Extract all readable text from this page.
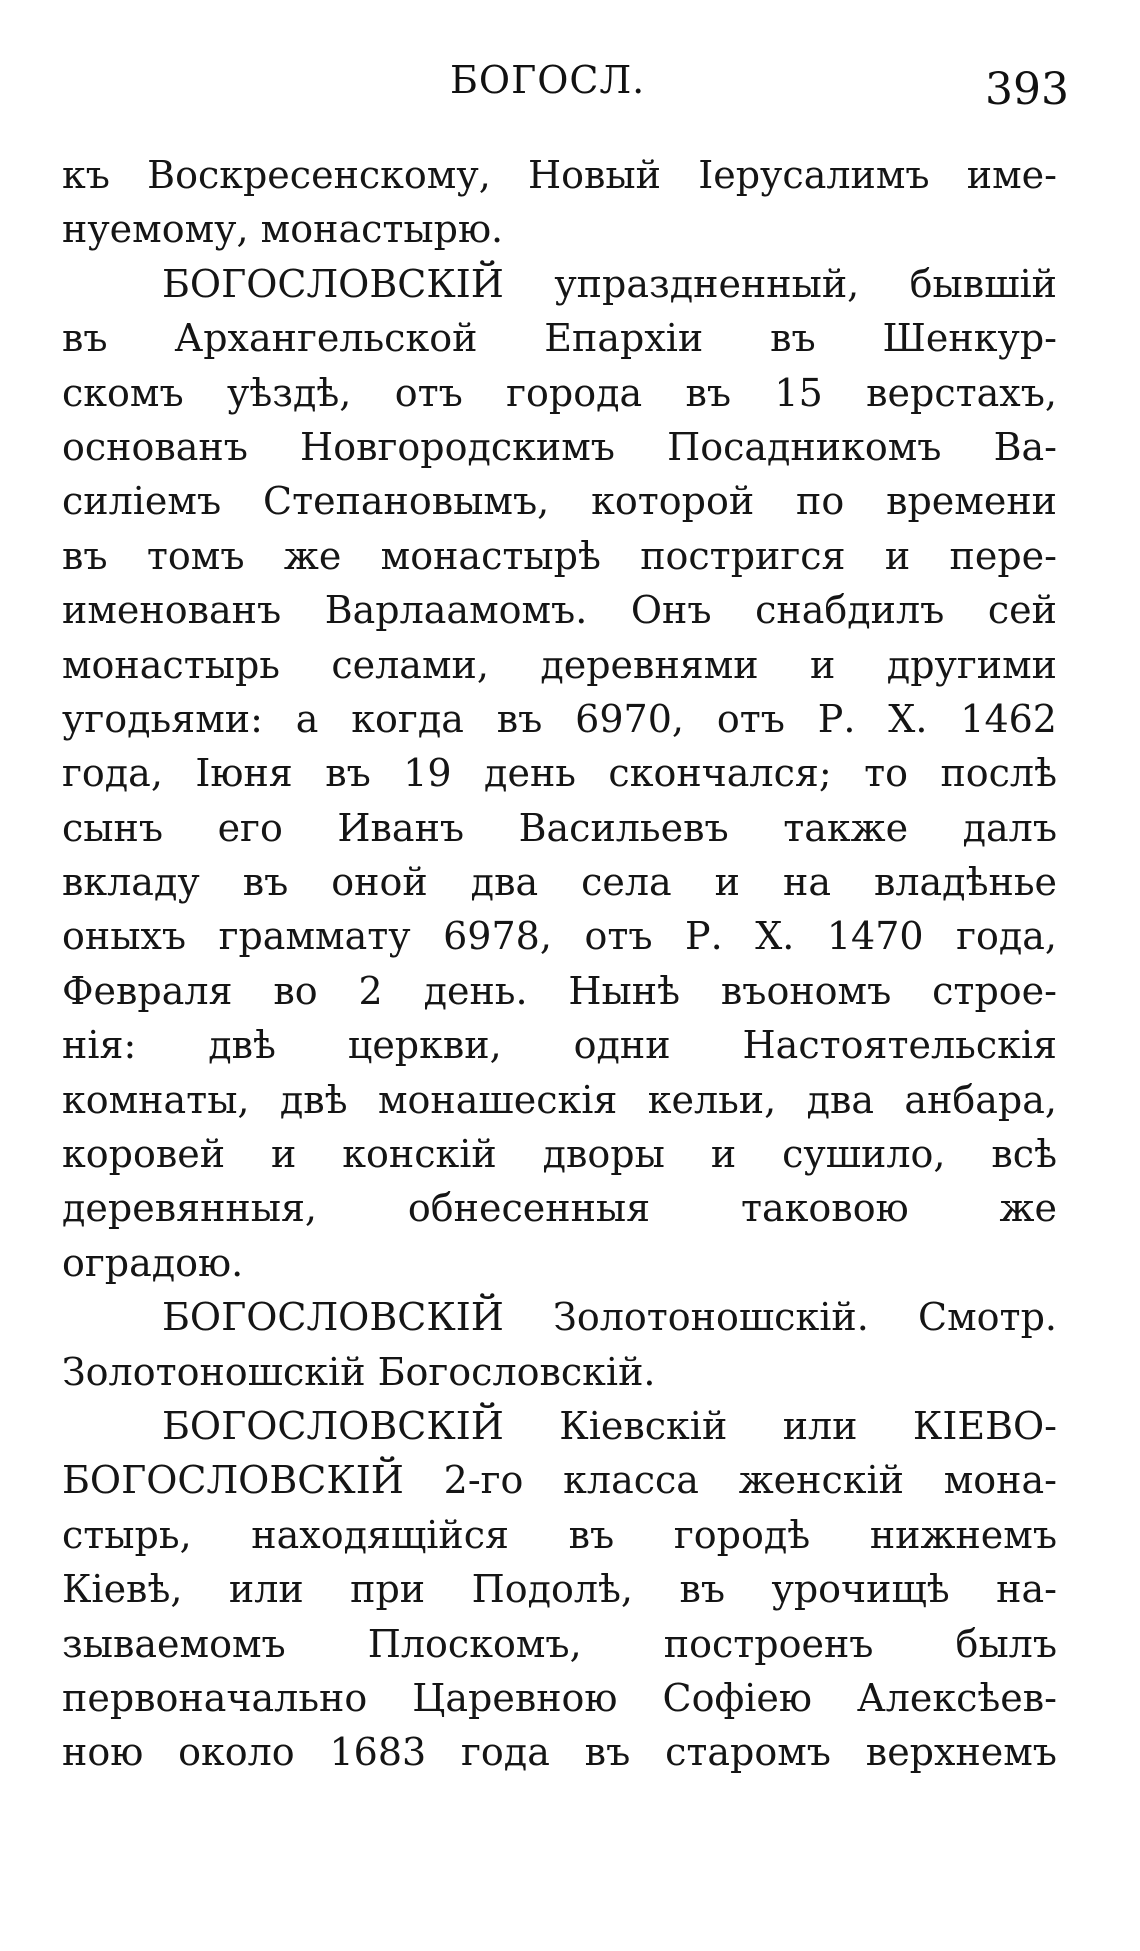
БОГОСЛ.	393
къ Воскресенскому, Новый Іерусалимъ име-
нуемому, монастырю.
БОГОСЛОВСКІЙ упраздненный, бывшій
въ Архангельской Епархіи въ Шенкур-
скомъ уѣздѣ, отъ города въ 15 верстахъ,
основанъ Новгородскимъ Посадникомъ Ва-
силіемъ Степановымъ, которой по времени
въ томъ же монастырѣ постригся и пере-
именованъ Варлаамомъ. Онъ снабдилъ сей
монастырь селами, деревнями и другими
угодьями: а когда въ 6970, отъ Р. Х. 1462
года, Іюня въ 19 день скончался; то послѣ
сынъ его Иванъ Васильевъ также далъ
вкладу въ оной два села и на владѣнье
оныхъ граммату 6978, отъ Р. Х. 1470 года,
Февраля во 2 день. Нынѣ въономъ строе-
нія: двѣ церкви, одни Настоятельскія
комнаты, двѣ монашескія кельи, два анбара,
коровей и конскій дворы и сушило, всѣ
деревянныя, обнесенныя таковою же
оградою.
БОГОСЛОВСКІЙ Золотоношскій. Смотр.
Золотоношскій Богословскій.
БОГОСЛОВСКІЙ Кіевскій или КІЕВО-
БОГОСЛОВСКІЙ 2-го класса женскій мона-
стырь, находящійся въ городѣ нижнемъ
Кіевѣ, или при Подолѣ, въ урочищѣ на-
зываемомъ Плоскомъ, построенъ былъ
первоначально Царевною Софіею Алексѣев-
ною около 1683 года въ старомъ верхнемъ
